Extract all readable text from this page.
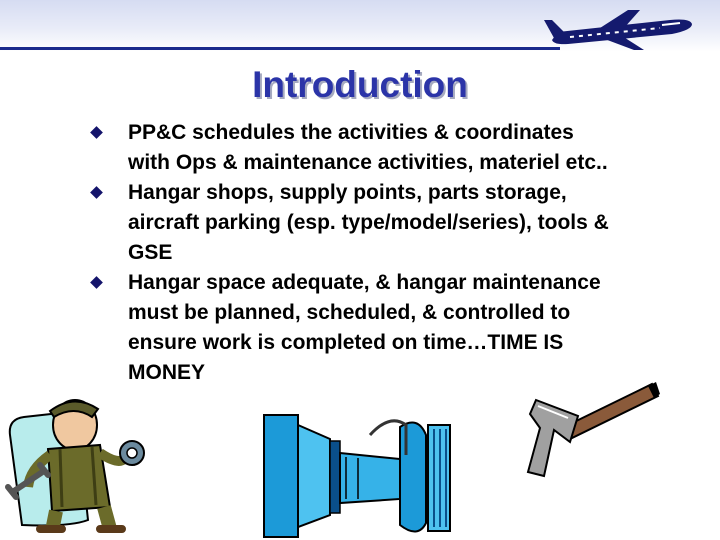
Introduction
PP&C schedules the activities & coordinates with Ops & maintenance activities, materiel etc..
Hangar shops, supply points, parts storage, aircraft parking (esp. type/model/series), tools & GSE
Hangar space adequate, & hangar maintenance must be planned, scheduled, & controlled to ensure work is completed on time…TIME IS MONEY
